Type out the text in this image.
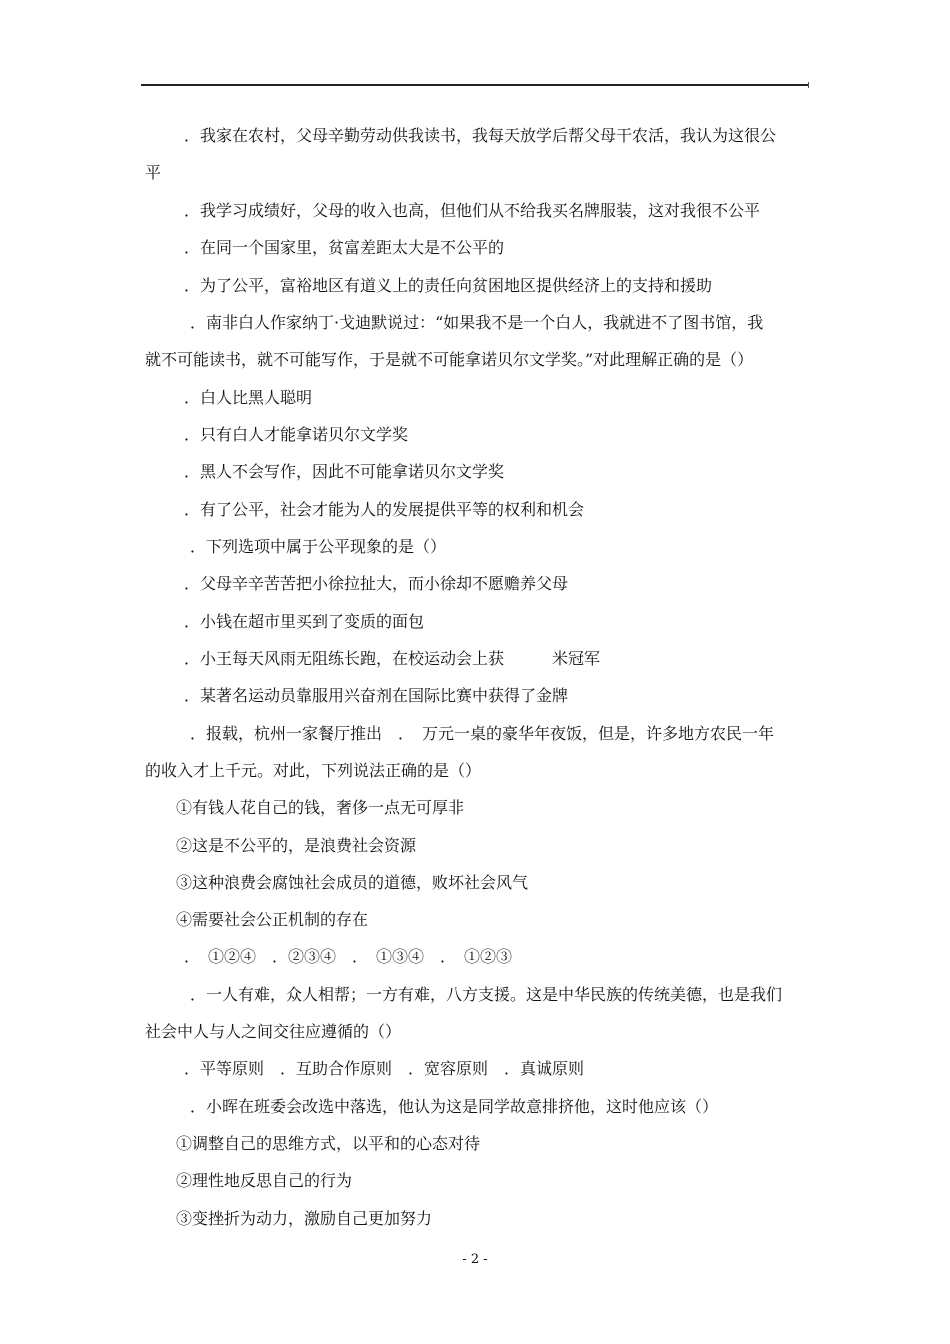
．我家在农村，父母辛勤劳动供我读书，我每天放学后帮父母干农活，我认为这很公
平
．我学习成绩好，父母的收入也高，但他们从不给我买名牌服装，这对我很不公平
．在同一个国家里，贫富差距太大是不公平的
．为了公平，富裕地区有道义上的责任向贫困地区提供经济上的支持和援助
．南非白人作家纳丁·戈迪默说过：“如果我不是一个白人，我就进不了图书馆，我
就不可能读书，就不可能写作，于是就不可能拿诺贝尔文学奖。”对此理解正确的是（）
．白人比黑人聪明
．只有白人才能拿诺贝尔文学奖
．黑人不会写作，因此不可能拿诺贝尔文学奖
．有了公平，社会才能为人的发展提供平等的权利和机会
．下列选项中属于公平现象的是（）
．父母辛辛苦苦把小徐拉扯大，而小徐却不愿赡养父母
．小钱在超市里买到了变质的面包
．小王每天风雨无阻练长跑，在校运动会上获　　　米冠军
．某著名运动员靠服用兴奋剂在国际比赛中获得了金牌
．报载，杭州一家餐厅推出　．　万元一桌的豪华年夜饭，但是，许多地方农民一年
的收入才上千元。对此，下列说法正确的是（）
①有钱人花自己的钱，奢侈一点无可厚非
②这是不公平的，是浪费社会资源
③这种浪费会腐蚀社会成员的道德，败坏社会风气
④需要社会公正机制的存在
．　①②④　．②③④　．　①③④　．　①②③
．一人有难，众人相帮；一方有难，八方支援。这是中华民族的传统美德，也是我们
社会中人与人之间交往应遵循的（）
．平等原则　．互助合作原则　．宽容原则　．真诚原则
．小晖在班委会改选中落选，他认为这是同学故意排挤他，这时他应该（）
①调整自己的思维方式，以平和的心态对待
②理性地反思自己的行为
③变挫折为动力，激励自己更加努力
- 2 -
